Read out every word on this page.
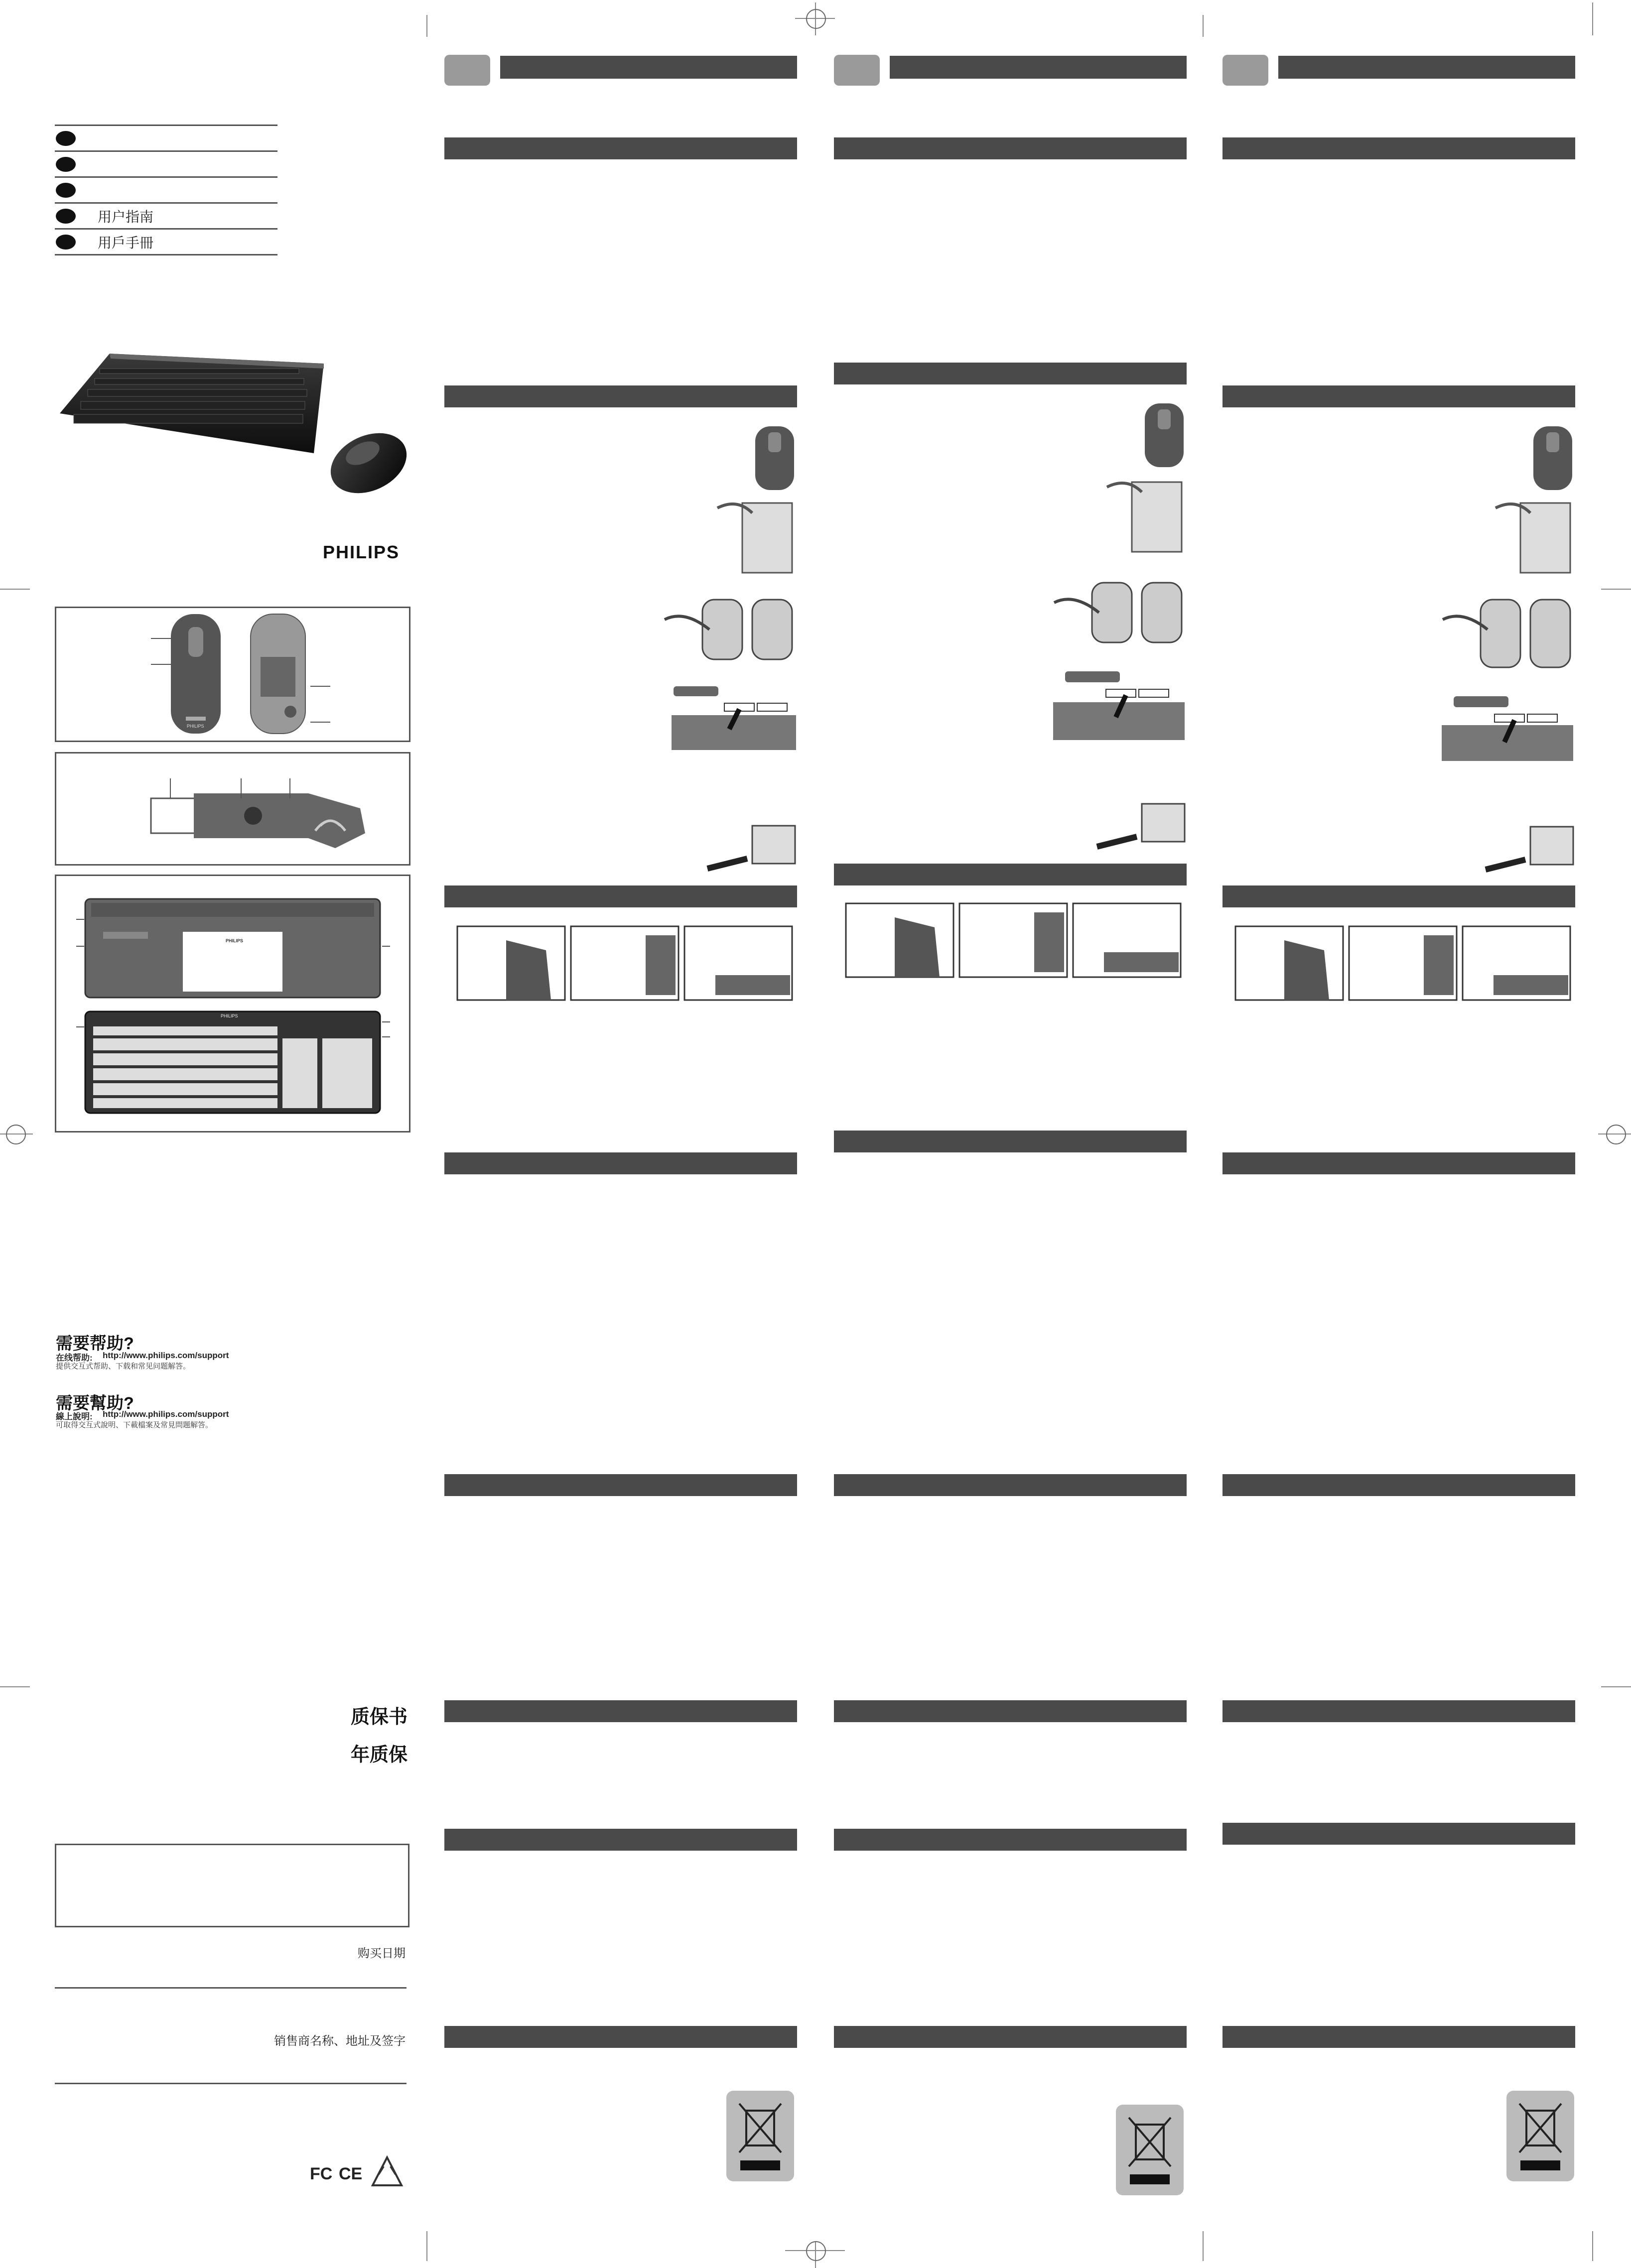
用户指南
用戶手冊
PHILIPS
PHILIPS
PHILIPS
PHILIPS
需要帮助?
在线帮助: http://www.philips.com/support
提供交互式帮助、下载和常见问题解答。
需要幫助?
線上說明: http://www.philips.com/support
可取得交互式說明、下載檔案及常見問題解答。
质保书
年质保
购买日期
销售商名称、地址及签字
FC CE
